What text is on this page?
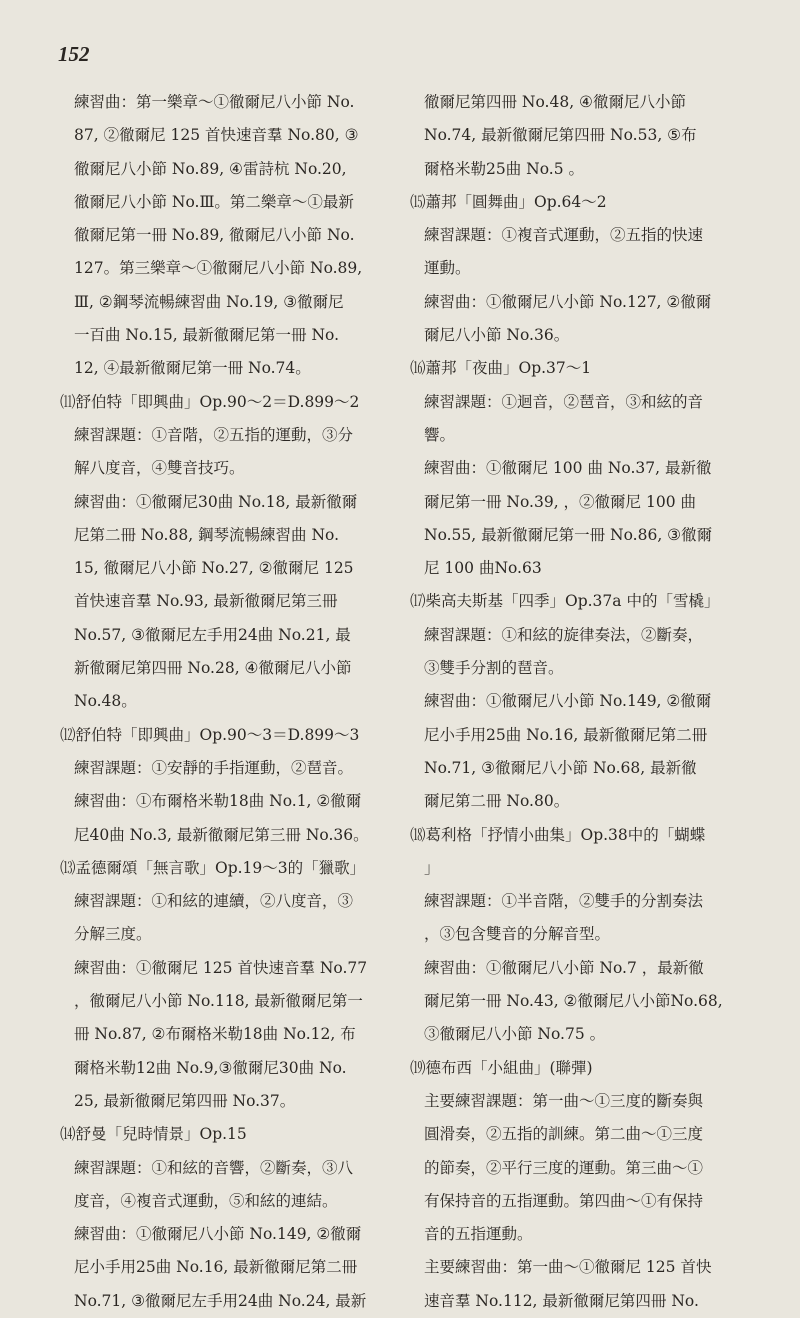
152
練習曲：第一樂章～①徹爾尼八小節 No.
87, ②徹爾尼 125 首快速音羣 No.80, ③
徹爾尼八小節 No.89, ④雷詩杭 No.20,
徹爾尼八小節 No.Ⅲ。第二樂章～①最新
徹爾尼第一冊 No.89, 徹爾尼八小節 No.
127。第三樂章～①徹爾尼八小節 No.89,
Ⅲ, ②鋼琴流暢練習曲 No.19, ③徹爾尼
一百曲 No.15, 最新徹爾尼第一冊 No.
12, ④最新徹爾尼第一冊 No.74。
⑾舒伯特「即興曲」Op.90～2＝D.899～2
練習課題：①音階，②五指的運動，③分
解八度音，④雙音技巧。
練習曲：①徹爾尼30曲 No.18, 最新徹爾
尼第二冊 No.88, 鋼琴流暢練習曲 No.
15, 徹爾尼八小節 No.27, ②徹爾尼 125
首快速音羣 No.93, 最新徹爾尼第三冊
No.57, ③徹爾尼左手用24曲 No.21, 最
新徹爾尼第四冊 No.28, ④徹爾尼八小節
No.48。
⑿舒伯特「即興曲」Op.90～3＝D.899～3
練習課題：①安靜的手指運動，②琶音。
練習曲：①布爾格米勒18曲 No.1, ②徹爾
尼40曲 No.3, 最新徹爾尼第三冊 No.36。
⒀孟德爾頌「無言歌」Op.19～3的「獵歌」
練習課題：①和絃的連續，②八度音，③
分解三度。
練習曲：①徹爾尼 125 首快速音羣 No.77
，徹爾尼八小節 No.118, 最新徹爾尼第一
冊 No.87, ②布爾格米勒18曲 No.12, 布
爾格米勒12曲 No.9,③徹爾尼30曲 No.
25, 最新徹爾尼第四冊 No.37。
⒁舒曼「兒時情景」Op.15
練習課題：①和絃的音響，②斷奏，③八
度音，④複音式運動，⑤和絃的連結。
練習曲：①徹爾尼八小節 No.149, ②徹爾
尼小手用25曲 No.16, 最新徹爾尼第二冊
No.71, ③徹爾尼左手用24曲 No.24, 最新
徹爾尼第四冊 No.48, ④徹爾尼八小節
No.74, 最新徹爾尼第四冊 No.53, ⑤布
爾格米勒25曲 No.5 。
⒂蕭邦「圓舞曲」Op.64～2
練習課題：①複音式運動，②五指的快速
運動。
練習曲：①徹爾尼八小節 No.127, ②徹爾
爾尼八小節 No.36。
⒃蕭邦「夜曲」Op.37～1
練習課題：①迴音，②琶音，③和絃的音
響。
練習曲：①徹爾尼 100 曲 No.37, 最新徹
爾尼第一冊 No.39, ，②徹爾尼 100 曲
No.55, 最新徹爾尼第一冊 No.86, ③徹爾
尼 100 曲No.63
⒄柴高夫斯基「四季」Op.37a 中的「雪橇」
練習課題：①和絃的旋律奏法，②斷奏，
③雙手分割的琶音。
練習曲：①徹爾尼八小節 No.149, ②徹爾
尼小手用25曲 No.16, 最新徹爾尼第二冊
No.71, ③徹爾尼八小節 No.68, 最新徹
爾尼第二冊 No.80。
⒅葛利格「抒情小曲集」Op.38中的「蝴蝶
」
練習課題：①半音階，②雙手的分割奏法
，③包含雙音的分解音型。
練習曲：①徹爾尼八小節 No.7 ，最新徹
爾尼第一冊 No.43, ②徹爾尼八小節No.68,
③徹爾尼八小節 No.75 。
⒆德布西「小組曲」(聯彈)
主要練習課題：第一曲～①三度的斷奏與
圓滑奏，②五指的訓練。第二曲～①三度
的節奏，②平行三度的運動。第三曲～①
有保持音的五指運動。第四曲～①有保持
音的五指運動。
主要練習曲：第一曲～①徹爾尼 125 首快
速音羣 No.112, 最新徹爾尼第四冊 No.
